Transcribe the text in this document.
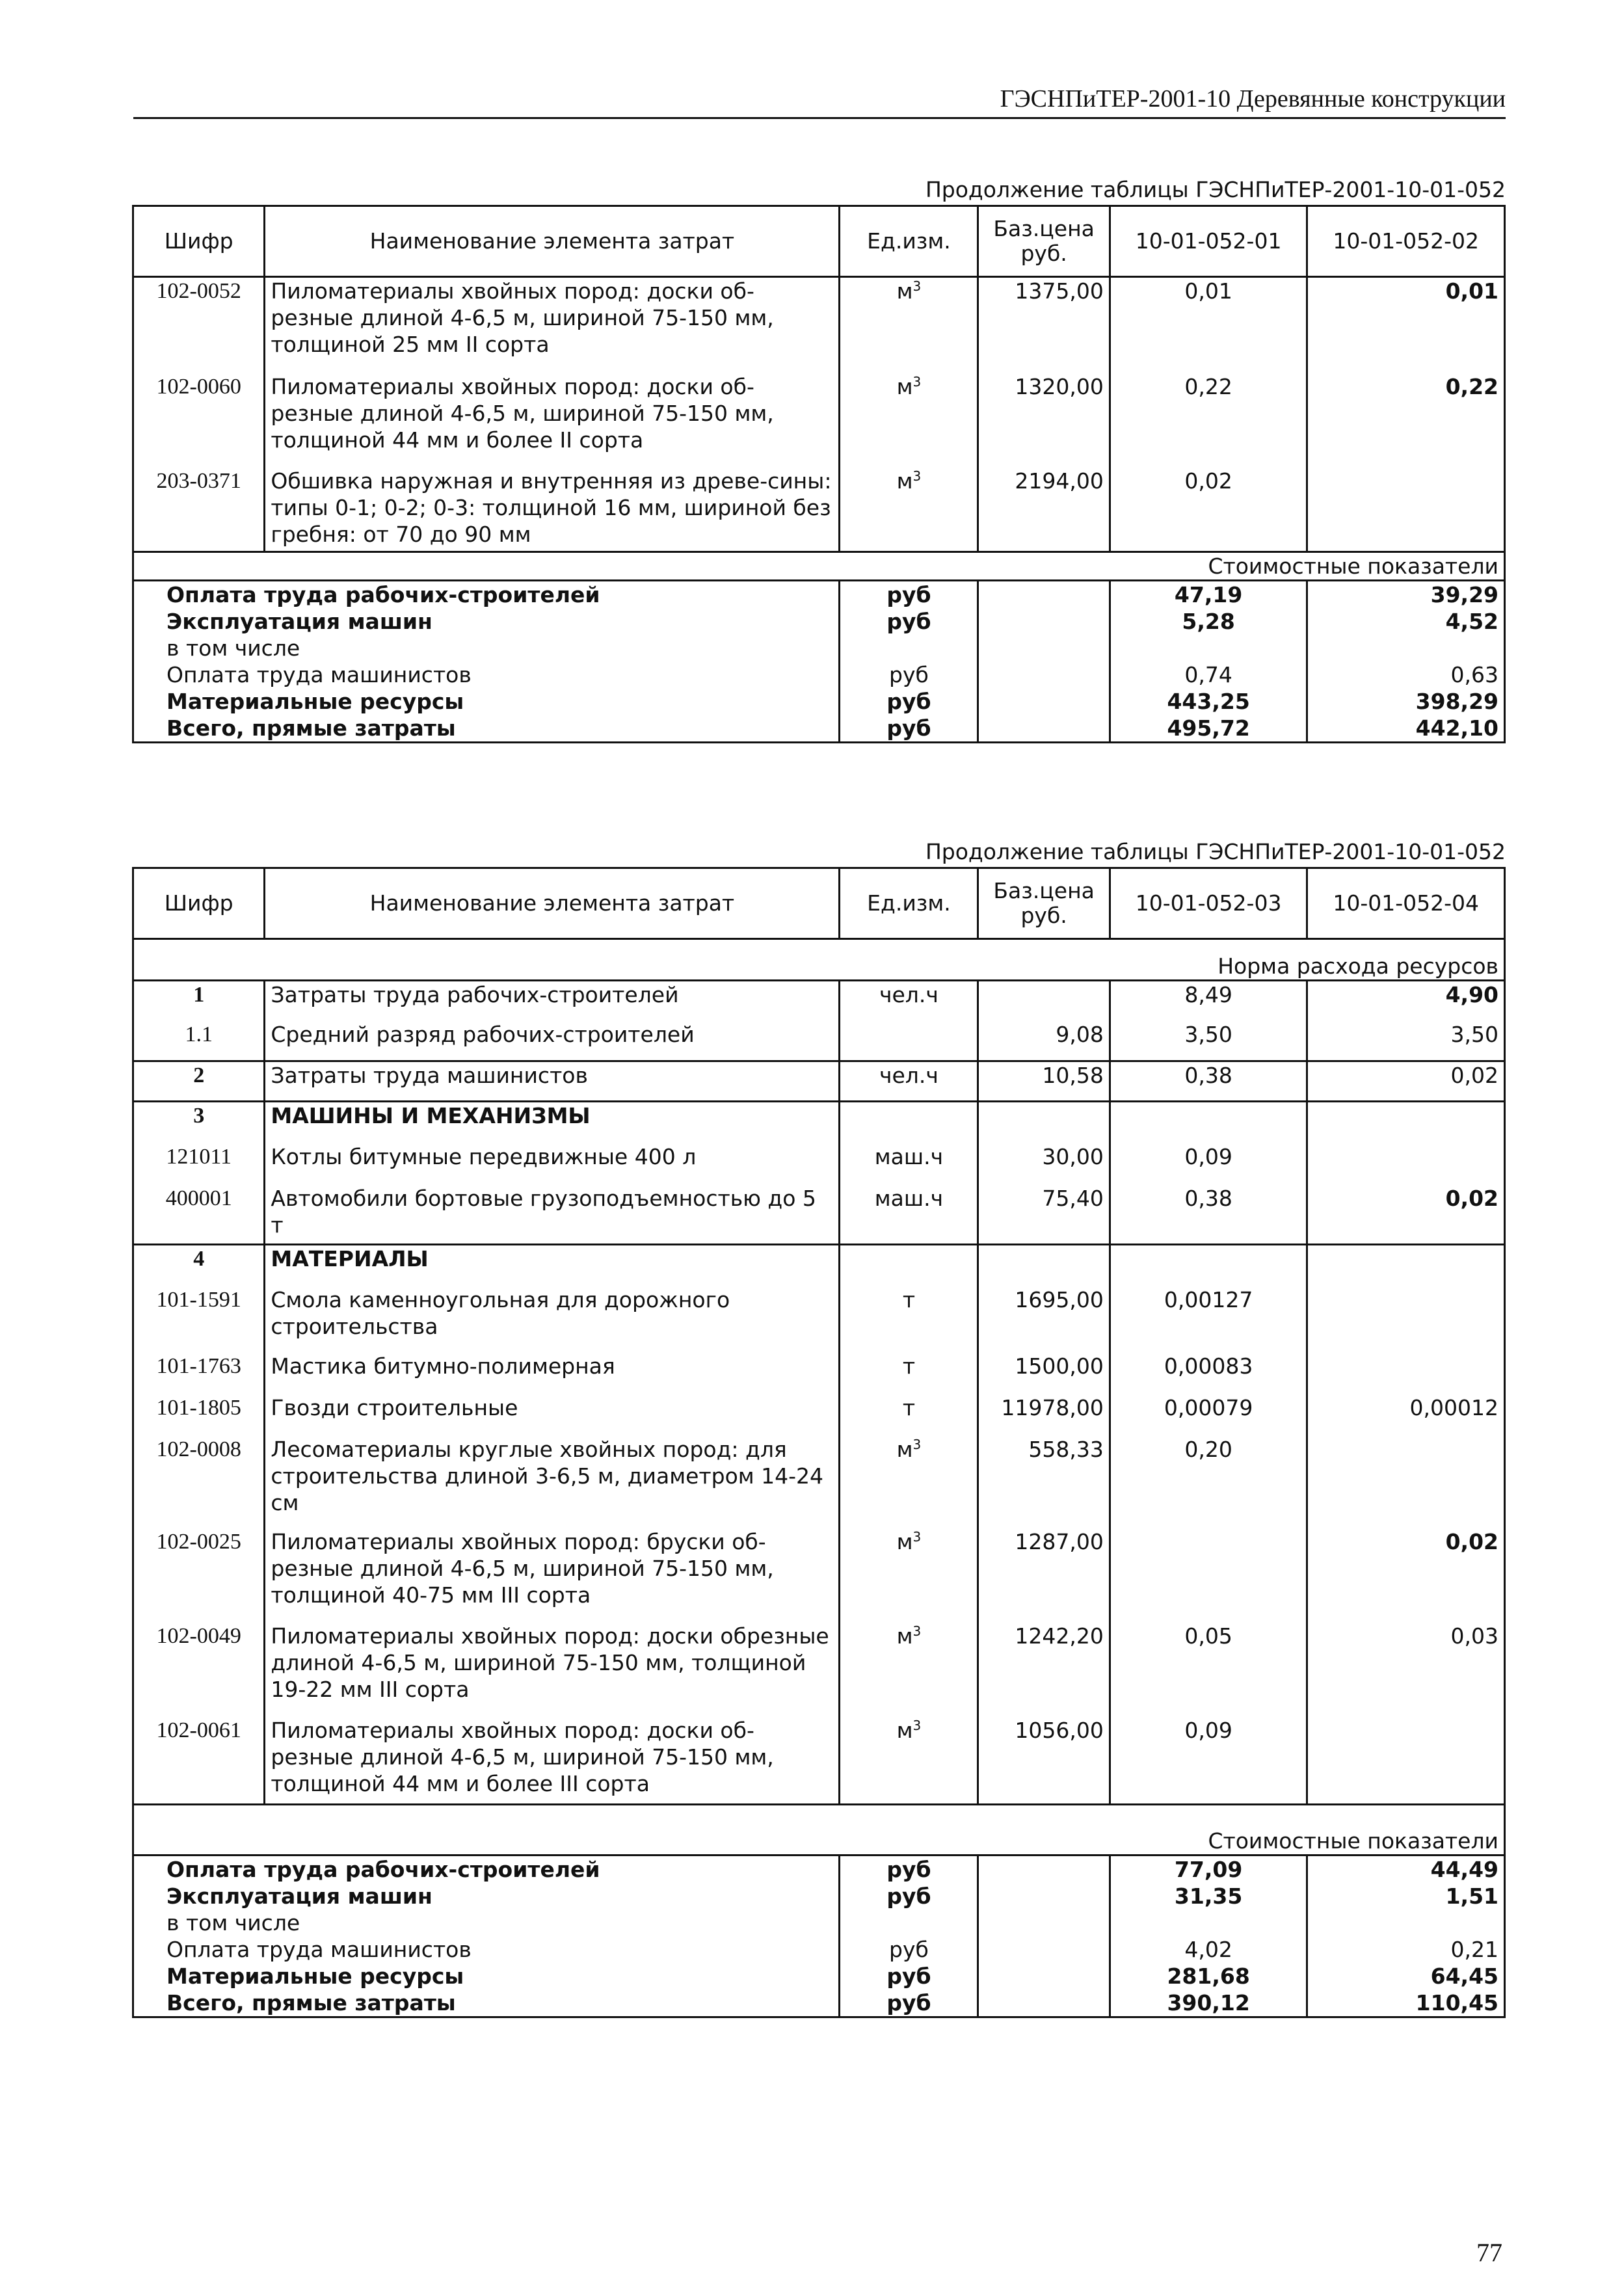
ГЭСНПиТЕР-2001-10 Деревянные конструкции
Продолжение таблицы ГЭСНПиТЕР-2001-10-01-052
Шифр	Наименование элемента затрат	Ед.изм.	Баз.цена руб.	10-01-052-01	10-01-052-02
102-0052	Пиломатериалы хвойных пород: доски об-резные длиной 4-6,5 м, шириной 75-150 мм, толщиной 25 мм II сорта	$м^3$	1375,00	0,01	0,01
102-0060	Пиломатериалы хвойных пород: доски об-резные длиной 4-6,5 м, шириной 75-150 мм, толщиной 44 мм и более II сорта	$м^3$	1320,00	0,22	0,22
203-0371	Обшивка наружная и внутренняя из древе-сины: типы 0-1; 0-2; 0-3: толщиной 16 мм, шириной без гребня: от 70 до 90 мм	$м^3$	2194,00	0,02	
Стоимостные показатели					
Оплата труда рабочих-строителей		руб		47,19	39,29
Эксплуатация машин		руб		5,28	4,52
в том числе					
Оплата труда машинистов		руб		0,74	0,63
Материальные ресурсы		руб		443,25	398,29
Всего, прямые затраты		руб		495,72	442,10
Продолжение таблицы ГЭСНПиТЕР-2001-10-01-052
Шифр	Наименование элемента затрат	Ед.изм.	Баз.цена руб.	10-01-052-03	10-01-052-04
Норма расхода ресурсов					
1	Затраты труда рабочих-строителей	чел.ч		8,49	4,90
1.1	Средний разряд рабочих-строителей		9,08	3,50	3,50
2	Затраты труда машинистов	чел.ч	10,58	0,38	0,02
3	МАШИНЫ И МЕХАНИЗМЫ				
121011	Котлы битумные передвижные 400 л	маш.ч	30,00	0,09	
400001	Автомобили бортовые грузоподъемностью до 5 т	маш.ч	75,40	0,38	0,02
4	МАТЕРИАЛЫ				
101-1591	Смола каменноугольная для дорожного строительства	т	1695,00	0,00127	
101-1763	Мастика битумно-полимерная	т	1500,00	0,00083	
101-1805	Гвозди строительные	т	11978,00	0,00079	0,00012
102-0008	Лесоматериалы круглые хвойных пород: для строительства длиной 3-6,5 м, диаметром 14-24 см	$м^3$	558,33	0,20	
102-0025	Пиломатериалы хвойных пород: бруски об-резные длиной 4-6,5 м, шириной 75-150 мм, толщиной 40-75 мм III сорта	$м^3$	1287,00		0,02
102-0049	Пиломатериалы хвойных пород: доски обрезные длиной 4-6,5 м, шириной 75-150 мм, толщиной 19-22 мм III сорта	$м^3$	1242,20	0,05	0,03
102-0061	Пиломатериалы хвойных пород: доски об-резные длиной 4-6,5 м, шириной 75-150 мм, толщиной 44 мм и более III сорта	$м^3$	1056,00	0,09	
Стоимостные показатели					
Оплата труда рабочих-строителей		руб		77,09	44,49
Эксплуатация машин		руб		31,35	1,51
в том числе					
Оплата труда машинистов		руб		4,02	0,21
Материальные ресурсы		руб		281,68	64,45
Всего, прямые затраты		руб		390,12	110,45
77
